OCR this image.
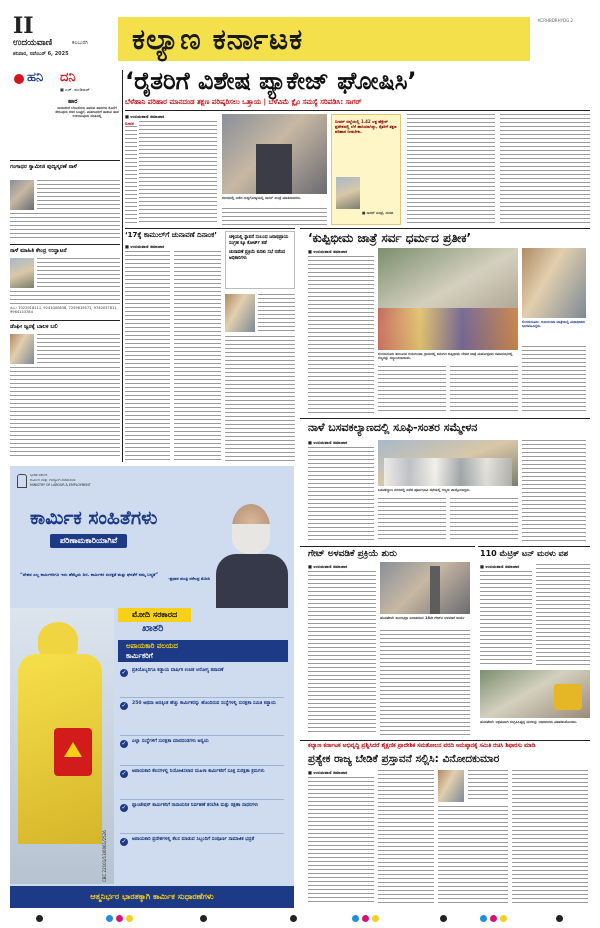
II
ಉದಯವಾಣಿ	ಕಲಬುರಗಿ
ಶನಿವಾರ, ನವೆಂಬರ್ 6, 2025 ಕಲ್ಯಾಣ ಕರ್ನಾಟಕ
KCRHBDRHYDG 2
ಹನಿ ದನಿ
■ ಎಚ್. ಡುಂಡಿರಾಜ್
ಹಾರ
ನಾಯಕರಿಗೆ ಬೆಂಬಲಿಗರು ಹಾಕುವ ಹಾರಗಳು ಕೊನೆಗೆ ಸೇರುವುದು ಕಸದ ಬುಟ್ಟಿಗೆ, ಮತದಾರರಿಗೆ ಹಾಕುವ ಹಾರ ಉಳಿಯುವುದು ನೆನಪಿನಲ್ಲಿ
ಗಂಗಾಧರ ಸ್ವಾಮೀಜಿ ಪುಣ್ಯಸ್ಮರಣೆ ನಾಳೆ
ನಾಳೆ ಮಾಹಿತಿ ಕೇಂದ್ರ ಉದ್ಘಾಟನೆ
ಮೊ.: 7022918111, 9241000638, 7259619571, 9740037811, 9964133784
ಡೆಂಘೀ ಜ್ವರಕ್ಕೆ ಬಾಲಕ ಬಲಿ
‘ರೈತರಿಗೆ ವಿಶೇಷ ಪ್ಯಾಕೇಜ್ ಘೋಷಿಸಿ’
ಬೆಳೆಹಾನಿ ಪರಿಹಾರ ಮಾನದಂಡ ತಕ್ಷಣ ಪರಿಷ್ಕರಿಸಲು ಒತ್ತಾಯ | ಬೆಳೆವಿಮೆ ಕ್ಲೈಂ ಸಮಸ್ಯೆ ಸರಿಪಡಿಸಿ: ಸಾಗರ್
■ ಉದಯವಾಣಿ ಸಮಾಚಾರ
ಬೀದರ
ಬೀದರನಲ್ಲಿ ನಡೆದ ಸುದ್ದಿಗೋಷ್ಠಿಯಲ್ಲಿ ಸಾಗರ್ ಖಂಡ್ರೆ ಮಾತನಾಡಿದರು.
ಬೀದರ್ ಜಿಲ್ಲೆಯಲ್ಲಿ 1.42 ಲಕ್ಷ ಹೆಕ್ಟೇರ್ ಪ್ರದೇಶದಲ್ಲಿ ಬೆಳೆ ಹಾನಿಯಾಗಿದ್ದು, ರೈತರಿಗೆ ತಕ್ಷಣ ಪರಿಹಾರ ನೀಡಬೇಕು.
■ ಸಾಗರ್ ಖಂಡ್ರೆ, ಸಂಸದ
‘17ಕ್ಕೆ ಕಾಮುಲ್‌ಗೆ ಚುನಾವಣೆ ದಿನಾಂಕ’
■ ಉದಯವಾಣಿ ಸಮಾಚಾರ
ಚಳ್ಳಿಯಲ್ಲಿ ಸ್ಥಾಪನೆ ಸಂಬಂಧ ಜನಾಭಿಪ್ರಾಯ ಸಂಗ್ರಹ ಕ್ಕೂ ಕೋರ್ಟ್ ತಡೆ
ಚುನಾವಣೆ ಪ್ರಕ್ರಿಯೆ ಕುರಿತು ಸಭೆ ನಡೆಸಿದ ಅಧಿಕಾರಿಗಳು
‘ಕುಪ್ಪಿಭೀಮ ಜಾತ್ರೆ ಸರ್ವ ಧರ್ಮದ ಪ್ರತೀಕ’
■ ಉದಯವಾಣಿ ಸಮಾಚಾರ
ಲಿಂಗಸುಗೂರು: ಗುರುಗುಂಟಾ ಜಾತ್ರೆಯಲ್ಲಿ ಮಠಾಧೀಶರು ಭಾಗವಹಿಸಿದ್ದರು.
ಲಿಂಗಸುಗೂರು ತಾಲೂಕಿನ ಗುರುಗುಂಟಾ ಗ್ರಾಮದಲ್ಲಿ ಜರುಗಿದ ಕುಪ್ಪಿಭೀಮ ದೇವರ ಜಾತ್ರೆ ಮಹೋತ್ಸವದ ಸಮಾರಂಭದಲ್ಲಿ ಗಣ್ಯರನ್ನು ಸನ್ಮಾನಿಸಲಾಯಿತು.
ನಾಳೆ ಬಸವಕಲ್ಯಾಣದಲ್ಲಿ ಸೂಫಿ-ಸಂತರ ಸಮ್ಮೇಳನ
■ ಉದಯವಾಣಿ ಸಮಾಚಾರ
ಬಸವಕಲ್ಯಾಣ ನಗರದಲ್ಲಿ ನಡೆದ ಪೂರ್ವಭಾವಿ ಸಭೆಯಲ್ಲಿ ಗಣ್ಯರು ಪಾಲ್ಗೊಂಡಿದ್ದರು.
ಭಾರತ ಸರ್ಕಾರ
ಕಾರ್ಮಿಕ ಮತ್ತು ಉದ್ಯೋಗ ಸಚಿವಾಲಯ
MINISTRY OF LABOUR & EMPLOYMENT
ಕಾರ್ಮಿಕ ಸಂಹಿತೆಗಳು
ಪರಿಣಾಮಕಾರಿಯಾಗಿವೆ
“ದೇಶದ ಎಲ್ಲ ಕಾರ್ಮಿಕರಿಗೂ ಇದು ಹೆಮ್ಮೆಯ ದಿನ. ಕಾರ್ಮಿಕರ ಸುರಕ್ಷತೆ ಮತ್ತು ಘನತೆಗೆ ನಮ್ಮ ಬದ್ಧತೆ”
-ಪ್ರಧಾನ ಮಂತ್ರಿ ನರೇಂದ್ರ ಮೋದಿ
ಮೋದಿ ಸರಕಾರದ
ಖಾತರಿ
ಅಪಾಯಕಾರಿ ವಲಯದ
ಕಾರ್ಮಿಕರಿಗೆ
✓	ಪ್ರತಿಯೊಬ್ಬರಿಗೂ ಕಡ್ಡಾಯ ವಾರ್ಷಿಕ ಉಚಿತ ಆರೋಗ್ಯ ತಪಾಸಣೆ
✓	250 ಅಥವಾ ಅದಕ್ಕಿಂತ ಹೆಚ್ಚು ಕಾರ್ಮಿಕರನ್ನು ಹೊಂದಿರುವ ಸಂಸ್ಥೆಗಳಲ್ಲಿ ಸುರಕ್ಷತಾ ಸಮಿತಿ ಕಡ್ಡಾಯ
✓	ಎಲ್ಲಾ ಸಂಸ್ಥೆಗಳಿಗೆ ಸುರಕ್ಷತಾ ಮಾನದಂಡಗಳು ಅನ್ವಯ
✓	ಅಪಾಯಕಾರಿ ಕೆಲಸಗಳಲ್ಲಿ ನಿಯೋಜಿಸಲಾದ ಮಹಿಳಾ ಕಾರ್ಮಿಕರಿಗೆ ಸೂಕ್ತ ಸುರಕ್ಷತಾ ಕ್ರಮಗಳು
✓	ಪ್ಲಾಂಟೇಷನ್ ಕಾರ್ಮಿಕರಿಗೆ ರಾಸಾಯನಿಕ ನಿರ್ವಹಣೆ ತರಬೇತಿ ಮತ್ತು ರಕ್ಷಣಾ ಸಾಧನಗಳು
✓	ಅಪಾಯಕಾರಿ ಪ್ರದೇಶಗಳಲ್ಲಿ ಕೆಲಸ ಮಾಡುವ ಸಿಬ್ಬಂದಿಗೆ ಸಂಪೂರ್ಣ ಸಾಮಾಜಿಕ ಭದ್ರತೆ
CBC 22101/13/0061/2526
ಆತ್ಮನಿರ್ಭರ ಭಾರತಕ್ಕಾಗಿ ಕಾರ್ಮಿಕ ಸುಧಾರಣೆಗಳು
ಗೇಟ್ ಅಳವಡಿಕೆ ಪ್ರಕ್ರಿಯೆ ಶುರು
■ ಉದಯವಾಣಿ ಸಮಾಚಾರ
ಹೊಸಪೇಟೆ: ತುಂಗಭದ್ರಾ ಜಲಾಶಯದ 18ನೇ ಗೇಟ್‌ನ ಅಳವಡಿಕೆ ಕಾರ್ಯ
110 ಮೆಟ್ರಿಕ್ ಟನ್ ಮರಳು ವಶ
■ ಉದಯವಾಣಿ ಸಮಾಚಾರ
ಹೊಸಪೇಟೆ: ಅಕ್ರಮವಾಗಿ ಸಂಗ್ರಹಿಸಿಟ್ಟಿದ್ದ ಮರಳನ್ನು ಅಧಿಕಾರಿಗಳು ವಶಪಡಿಸಿಕೊಂಡರು.
ಕಲ್ಯಾಣ ಕರ್ನಾಟಕ ಅಭಿವೃದ್ಧಿ ಪ್ರಶ್ನಿಸಿದರೆ ಶೈಕ್ಷಣಿಕ ಪ್ರಾದೇಶಿಕ ಸಮತೋಲನ ವರದಿ ಅನುಷ್ಠಾನಕ್ಕೆ ಸಮಿತಿ ರಚಿಸಿ ಶಿಫಾರಸು ಮಾಡಿ
ಪ್ರತ್ಯೇಕ ರಾಜ್ಯ ಬೇಡಿಕೆ ಪ್ರಸ್ತಾವನೆ ಸಲ್ಲಿಸಿ: ವಿನೋದಕುಮಾರ
■ ಉದಯವಾಣಿ ಸಮಾಚಾರ
